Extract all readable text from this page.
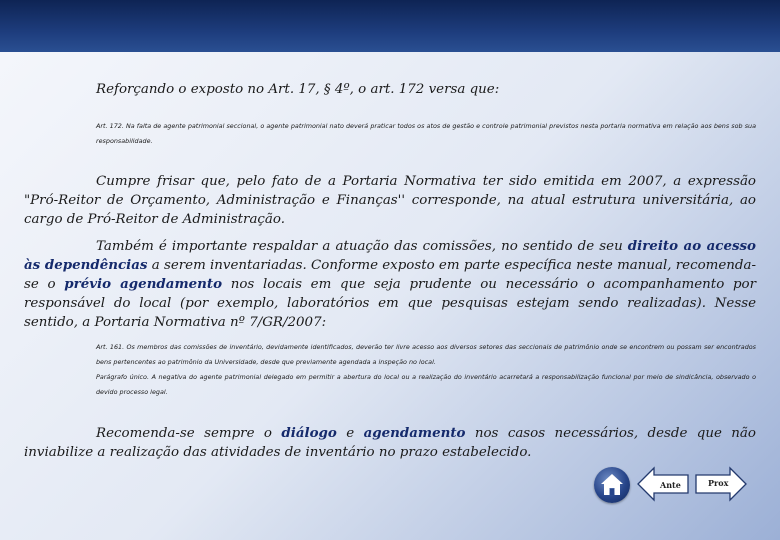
Reforçando o exposto no Art. 17, § 4º, o art. 172 versa que:
Art. 172. Na falta de agente patrimonial seccional, o agente patrimonial nato deverá praticar todos os atos de gestão e controle patrimonial previstos nesta portaria normativa em relação aos bens sob sua responsabilidade.
Cumpre frisar que, pelo fato de a Portaria Normativa ter sido emitida em 2007, a expressão "Pró-Reitor de Orçamento, Administração e Finanças'' corresponde, na atual estrutura universitária, ao cargo de Pró-Reitor de Administração.
Também é importante respaldar a atuação das comissões, no sentido de seu direito ao acesso às dependências a serem inventariadas. Conforme exposto em parte específica neste manual, recomenda-se o prévio agendamento nos locais em que seja prudente ou necessário o acompanhamento por responsável do local (por exemplo, laboratórios em que pesquisas estejam sendo realizadas). Nesse sentido, a Portaria Normativa nº 7/GR/2007:
Art. 161. Os membros das comissões de inventário, devidamente identificados, deverão ter livre acesso aos diversos setores das seccionais de patrimônio onde se encontrem ou possam ser encontrados bens pertencentes ao patrimônio da Universidade, desde que previamente agendada a inspeção no local.
Parágrafo único. A negativa do agente patrimonial delegado em permitir a abertura do local ou a realização do inventário acarretará a responsabilização funcional por meio de sindicância, observado o devido processo legal.
Recomenda-se sempre o diálogo e agendamento nos casos necessários, desde que não inviabilize a realização das atividades de inventário no prazo estabelecido.
Ante	Prox
